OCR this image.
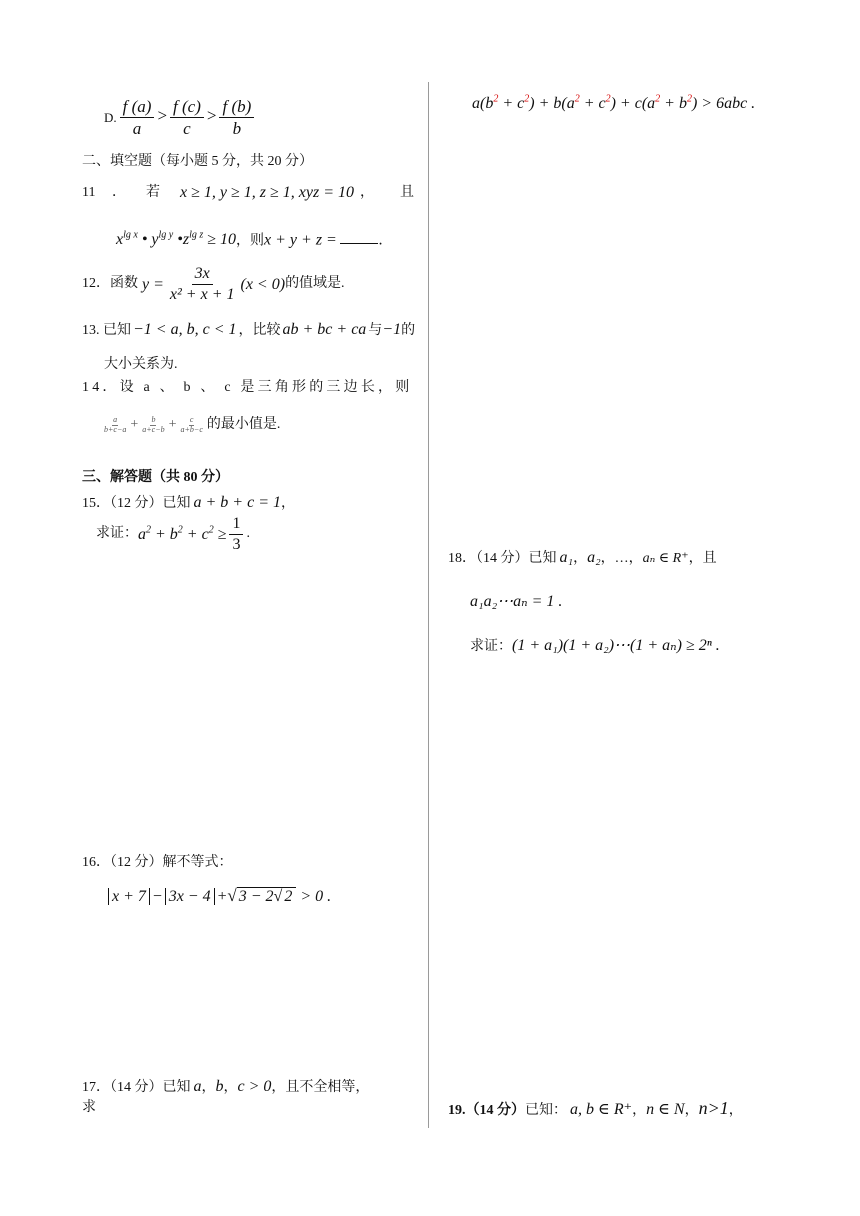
D. $\frac{f (a)}{a} > \frac{f (c)}{c} > \frac{f (b)}{b}$
二、填空题（每小题 5 分，共 20 分）
11 ． 若 x ≥ 1, y ≥ 1, z ≥ 1, xyz = 10 ， 且
$x^{lg x}$ • $y^{lg y}$ $•z^{lg z} \ge 10$，则x + y + z =	．
12．函数 $y = \frac{3x}{\text{x² + x + 1}} (x < 0)$的值域是.
13. 已知 −1 < a, b, c < 1 ，比较 ab + bc + ca 与−1的
大小关系为.
14．设 a 、 b 、 c 是三角形的三边长，则
$\frac{a}{b+c-a} + \frac{b}{a+c-b} + \frac{c}{a+b-c}$ 的最小值是.
三、解答题（共 80 分）
15．（12 分）已知 a + b + c = 1，
求证：$a^2 + b^2 + c^2 \ge \frac{1}{3}$ .
16．（12 分）解不等式：
x + 7 − 3x − 4 +√ 3 − 2√ 2 > 0 .
17．（14 分）已知 a，b，c > 0，且不全相等，
求
$a(b^2 + c^2) + b(a^2 + c^2) + c(a^2 + b^2) > 6abc$ .
18．（14 分）已知 a₁，a₂，…，aₙ ∈ R⁺，且
a₁a₂⋯aₙ = 1 .
求证：(1 + a₁)(1 + a₂)⋯(1 + aₙ) ≥ 2ⁿ .
19.（14 分）已知： a, b ∈ R⁺，n ∈ N，n>1，
